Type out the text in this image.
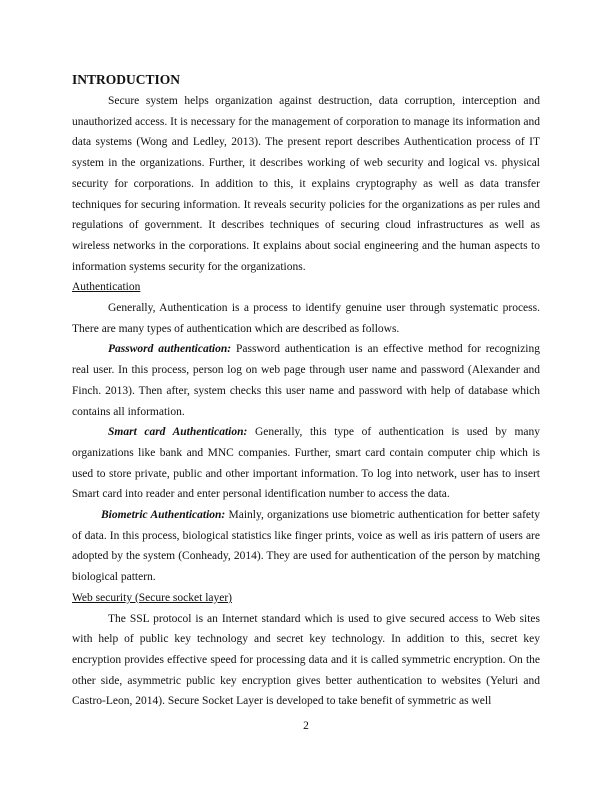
INTRODUCTION

Secure system helps organization against destruction, data corruption, interception and unauthorized access. It is necessary for the management of corporation to manage its information and data systems (Wong and Ledley, 2013). The present report describes Authentication process of IT system in the organizations. Further, it describes working of web security and logical vs. physical security for corporations. In addition to this, it explains cryptography as well as data transfer techniques for securing information. It reveals security policies for the organizations as per rules and regulations of government. It describes techniques of securing cloud infrastructures as well as wireless networks in the corporations. It explains about social engineering and the human aspects to information systems security for the organizations.

Authentication

Generally, Authentication is a process to identify genuine user through systematic process. There are many types of authentication which are described as follows.

Password authentication: Password authentication is an effective method for recognizing real user. In this process, person log on web page through user name and password (Alexander and Finch. 2013). Then after, system checks this user name and password with help of database which contains all information.

Smart card Authentication: Generally, this type of authentication is used by many organizations like bank and MNC companies. Further, smart card contain computer chip which is used to store private, public and other important information. To log into network, user has to insert Smart card into reader and enter personal identification number to access the data.

Biometric Authentication: Mainly, organizations use biometric authentication for better safety of data. In this process, biological statistics like finger prints, voice as well as iris pattern of users are adopted by the system (Conheady, 2014). They are used for authentication of the person by matching biological pattern.

Web security (Secure socket layer)

The SSL protocol is an Internet standard which is used to give secured access to Web sites with help of public key technology and secret key technology. In addition to this, secret key encryption provides effective speed for processing data and it is called symmetric encryption. On the other side, asymmetric public key encryption gives better authentication to websites (Yeluri and Castro-Leon, 2014). Secure Socket Layer is developed to take benefit of symmetric as well

2
